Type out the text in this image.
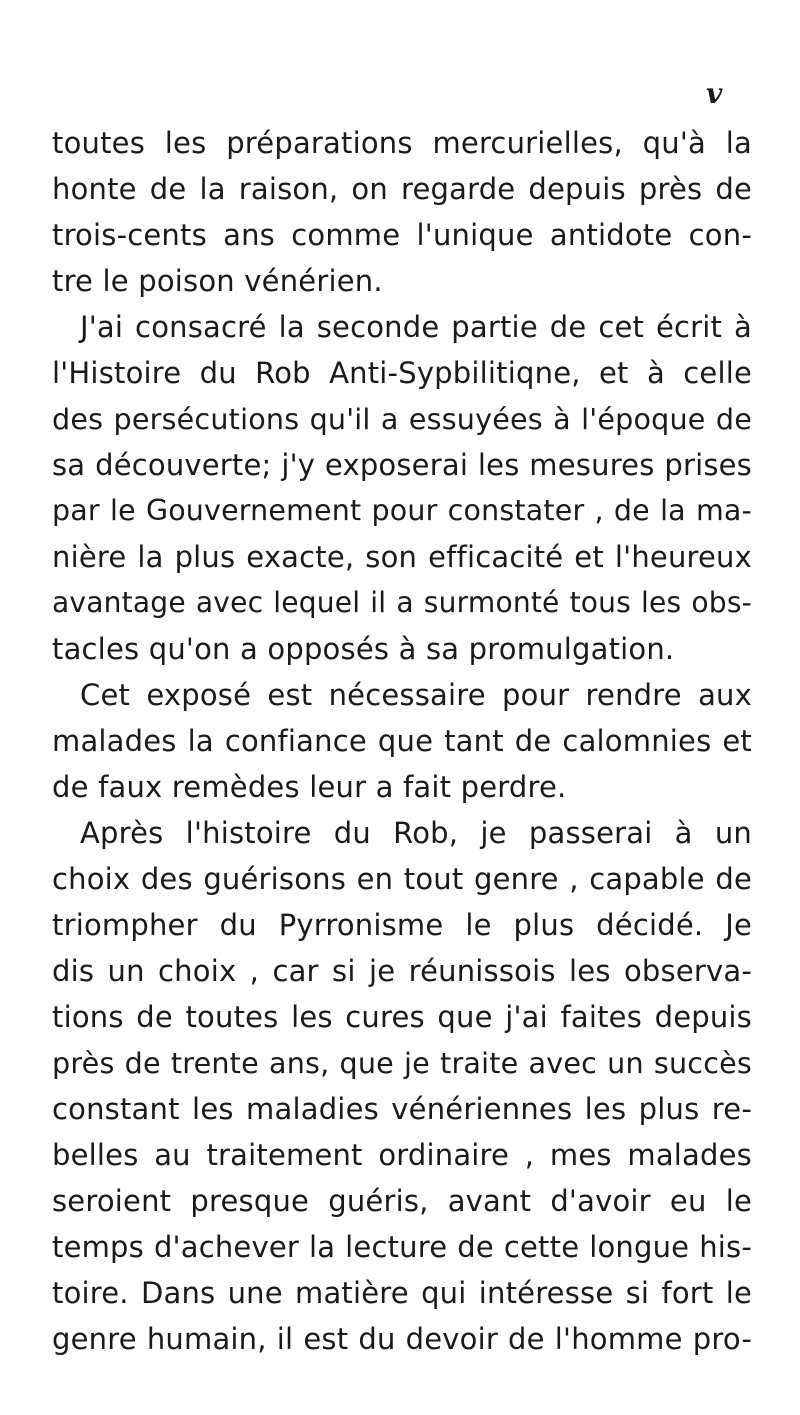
v
toutes les préparations mercurielles, qu'à la
honte de la raison, on regarde depuis près de
trois-cents ans comme l'unique antidote con-
tre le poison vénérien.
J'ai consacré la seconde partie de cet écrit à
l'Histoire du Rob Anti-Sypbilitiqne, et à celle
des persécutions qu'il a essuyées à l'époque de
sa découverte; j'y exposerai les mesures prises
par le Gouvernement pour constater , de la ma-
nière la plus exacte, son efficacité et l'heureux
avantage avec lequel il a surmonté tous les obs-
tacles qu'on a opposés à sa promulgation.
Cet exposé est nécessaire pour rendre aux
malades la confiance que tant de calomnies et
de faux remèdes leur a fait perdre.
Après l'histoire du Rob, je passerai à un
choix des guérisons en tout genre , capable de
triompher du Pyrronisme le plus décidé. Je
dis un choix , car si je réunissois les observa-
tions de toutes les cures que j'ai faites depuis
près de trente ans, que je traite avec un succès
constant les maladies vénériennes les plus re-
belles au traitement ordinaire , mes malades
seroient presque guéris, avant d'avoir eu le
temps d'achever la lecture de cette longue his-
toire. Dans une matière qui intéresse si fort le
genre humain, il est du devoir de l'homme pro-
